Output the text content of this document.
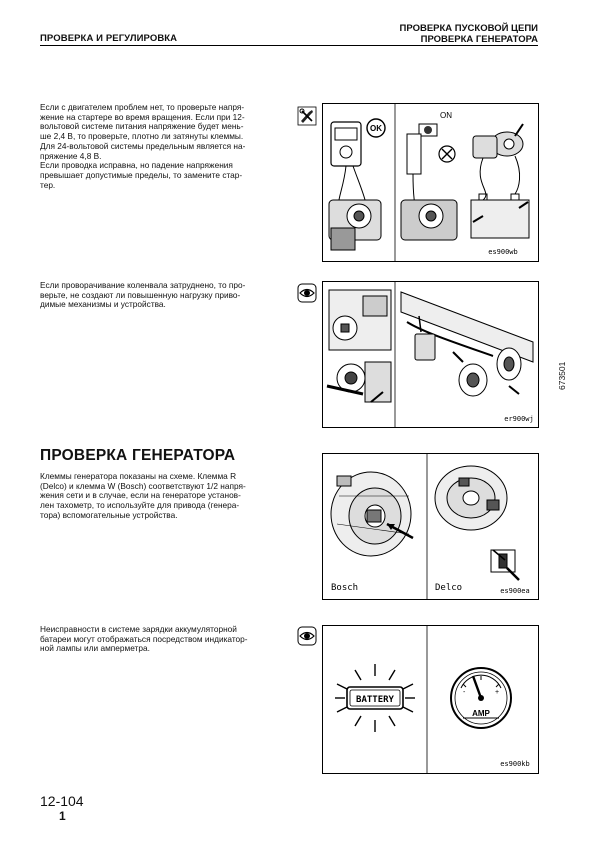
ПРОВЕРКА И РЕГУЛИРОВКА
ПРОВЕРКА ПУСКОВОЙ ЦЕПИ
ПРОВЕРКА ГЕНЕРАТОРА
Если с двигателем проблем нет, то проверьте напря-
жение на стартере во время вращения. Если при 12-
вольтовой системе питания напряжение будет мень-
ше 2,4 В, то проверьте, плотно ли затянуты клеммы.
Для 24-вольтовой системы предельным является на-
пряжение 4,8 В.
Если проводка исправна, но падение напряжения
превышает допустимые пределы, то замените стар-
тер.
OK
ON
es900wb
Если проворачивание коленвала затруднено, то про-
верьте, не создают ли повышенную нагрузку приво-
димые механизмы и устройства.
er900wj
673501
ПРОВЕРКА ГЕНЕРАТОРА
Клеммы генератора показаны на схеме. Клемма R
(Delco) и клемма W (Bosch) соответствуют 1/2 напря-
жения сети и в случае, если на генераторе установ-
лен тахометр, то используйте для привода (генера-
тора) вспомогательные устройства.
Bosch	Delco	es900ea
Неисправности в системе зарядки аккумуляторной
батареи могут отображаться посредством индикатор-
ной лампы или амперметра.
BATTERY
-	+
AMP
es900kb
12-104
1
